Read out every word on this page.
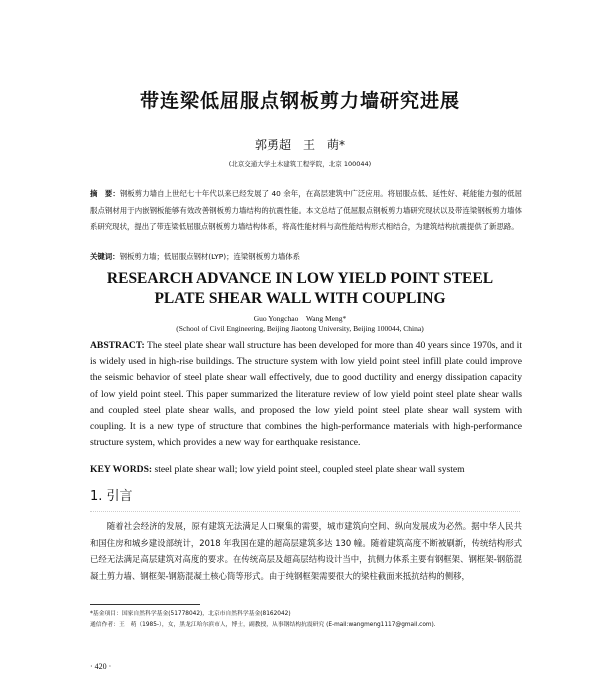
带连梁低屈服点钢板剪力墙研究进展
郭勇超　王　萌*
(北京交通大学土木建筑工程学院，北京 100044)
摘　要：钢板剪力墙自上世纪七十年代以来已经发展了 40 余年，在高层建筑中广泛应用。将屈服点低、延性好、耗能能力强的低屈服点钢材用于内嵌钢板能够有效改善钢板剪力墙结构的抗震性能。本文总结了低屈服点钢板剪力墙研究现状以及带连梁钢板剪力墙体系研究现状，提出了带连梁低屈服点钢板剪力墙结构体系，将高性能材料与高性能结构形式相结合，为建筑结构抗震提供了新思路。
关键词：钢板剪力墙；低屈服点钢材(LYP)；连梁钢板剪力墙体系
RESEARCH ADVANCE IN LOW YIELD POINT STEEL
PLATE SHEAR WALL WITH COUPLING
Guo Yongchao　Wang Meng*
(School of Civil Engineering, Beijing Jiaotong University, Beijing 100044, China)
ABSTRACT: The steel plate shear wall structure has been developed for more than 40 years since 1970s, and it is widely used in high-rise buildings. The structure system with low yield point steel infill plate could improve the seismic behavior of steel plate shear wall effectively, due to good ductility and energy dissipation capacity of low yield point steel. This paper summarized the literature review of low yield point steel plate shear walls and coupled steel plate shear walls, and proposed the low yield point steel plate shear wall system with coupling. It is a new type of structure that combines the high-performance materials with high-performance structure system, which provides a new way for earthquake resistance.
KEY WORDS: steel plate shear wall; low yield point steel, coupled steel plate shear wall system
1. 引言
随着社会经济的发展，原有建筑无法满足人口聚集的需要，城市建筑向空间、纵向发展成为必然。据中华人民共和国住房和城乡建设部统计，2018 年我国在建的超高层建筑多达 130 幢。随着建筑高度不断被刷新，传统结构形式已经无法满足高层建筑对高度的要求。在传统高层及超高层结构设计当中，抗侧力体系主要有钢框架、钢框架-钢筋混凝土剪力墙、钢框架-钢筋混凝土核心筒等形式。由于纯钢框架需要很大的梁柱截面来抵抗结构的侧移，
*基金项目：国家自然科学基金(51778042)，北京市自然科学基金(8162042)
通信作者：王　萌（1985-），女，黑龙江哈尔滨市人，博士，副教授，从事钢结构抗震研究 (E-mail:wangmeng1117@gmail.com).
· 420 ·
